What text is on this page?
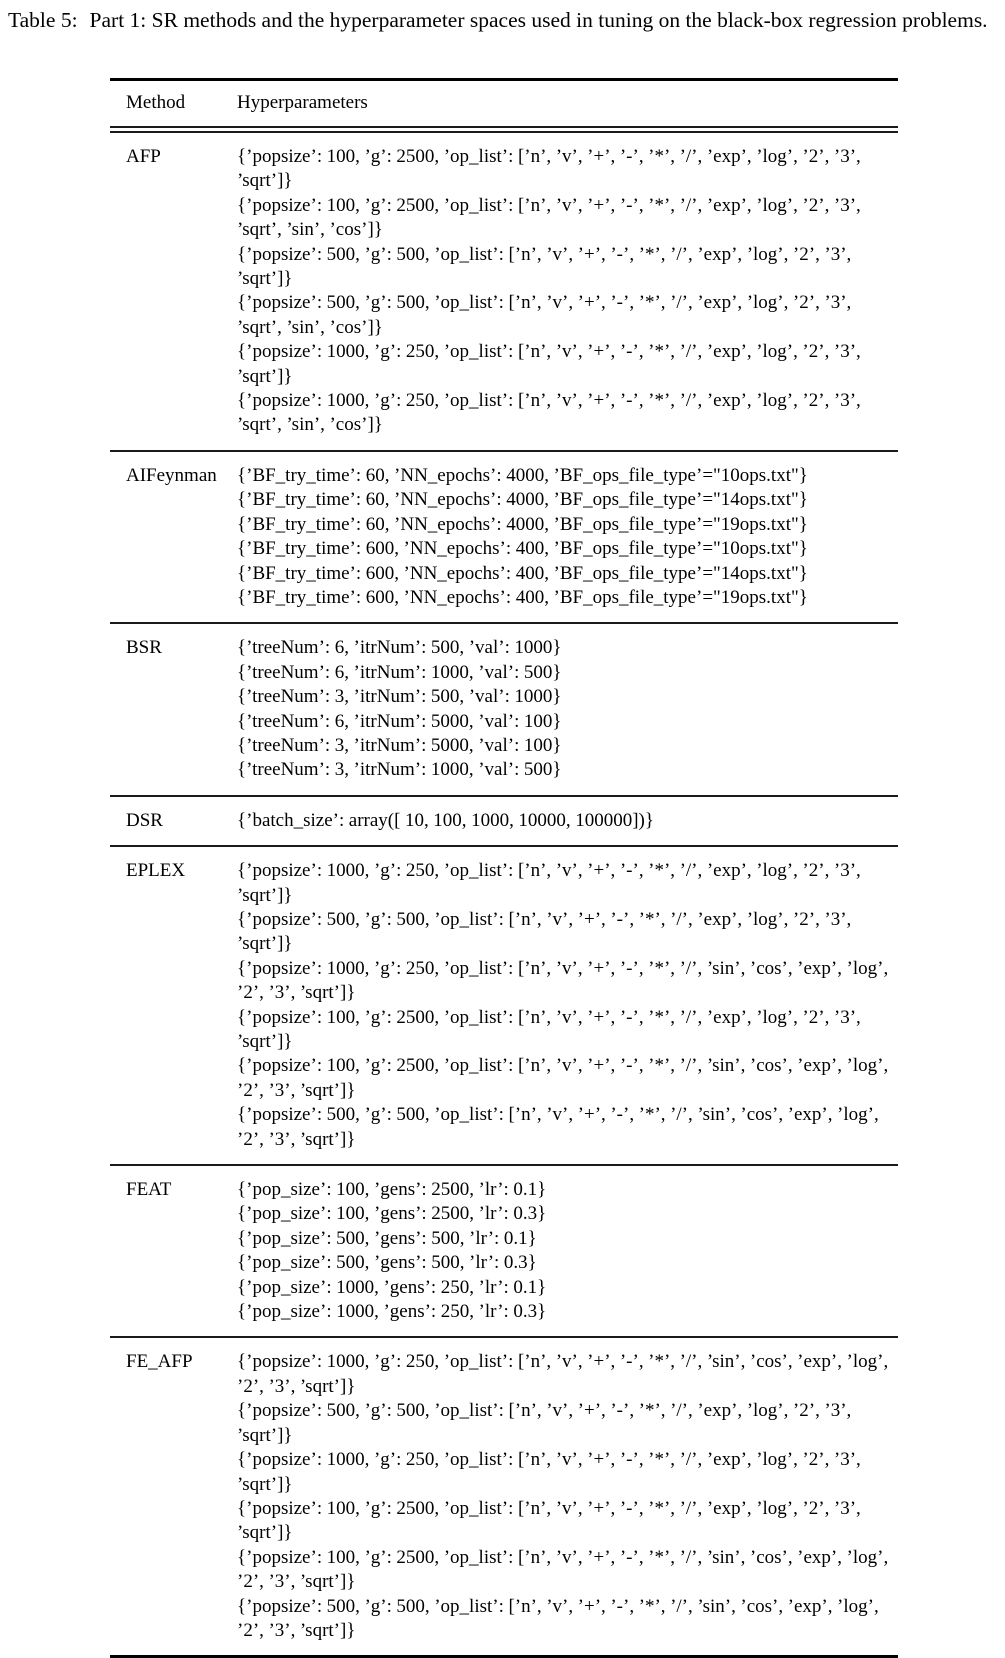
Table 5: Part 1: SR methods and the hyperparameter spaces used in tuning on the black-box regression problems.

Method	Hyperparameters

AFP	{’popsize’: 100, ’g’: 2500, ’op_list’: [’n’, ’v’, ’+’, ’-’, ’*’, ’/’, ’exp’, ’log’, ’2’, ’3’, ’sqrt’]}
{’popsize’: 100, ’g’: 2500, ’op_list’: [’n’, ’v’, ’+’, ’-’, ’*’, ’/’, ’exp’, ’log’, ’2’, ’3’, ’sqrt’, ’sin’, ’cos’]}
{’popsize’: 500, ’g’: 500, ’op_list’: [’n’, ’v’, ’+’, ’-’, ’*’, ’/’, ’exp’, ’log’, ’2’, ’3’, ’sqrt’]}
{’popsize’: 500, ’g’: 500, ’op_list’: [’n’, ’v’, ’+’, ’-’, ’*’, ’/’, ’exp’, ’log’, ’2’, ’3’, ’sqrt’, ’sin’, ’cos’]}
{’popsize’: 1000, ’g’: 250, ’op_list’: [’n’, ’v’, ’+’, ’-’, ’*’, ’/’, ’exp’, ’log’, ’2’, ’3’, ’sqrt’]}
{’popsize’: 1000, ’g’: 250, ’op_list’: [’n’, ’v’, ’+’, ’-’, ’*’, ’/’, ’exp’, ’log’, ’2’, ’3’, ’sqrt’, ’sin’, ’cos’]}

AIFeynman	{’BF_try_time’: 60, ’NN_epochs’: 4000, ’BF_ops_file_type’="10ops.txt"}
{’BF_try_time’: 60, ’NN_epochs’: 4000, ’BF_ops_file_type’="14ops.txt"}
{’BF_try_time’: 60, ’NN_epochs’: 4000, ’BF_ops_file_type’="19ops.txt"}
{’BF_try_time’: 600, ’NN_epochs’: 400, ’BF_ops_file_type’="10ops.txt"}
{’BF_try_time’: 600, ’NN_epochs’: 400, ’BF_ops_file_type’="14ops.txt"}
{’BF_try_time’: 600, ’NN_epochs’: 400, ’BF_ops_file_type’="19ops.txt"}

BSR	{’treeNum’: 6, ’itrNum’: 500, ’val’: 1000}
{’treeNum’: 6, ’itrNum’: 1000, ’val’: 500}
{’treeNum’: 3, ’itrNum’: 500, ’val’: 1000}
{’treeNum’: 6, ’itrNum’: 5000, ’val’: 100}
{’treeNum’: 3, ’itrNum’: 5000, ’val’: 100}
{’treeNum’: 3, ’itrNum’: 1000, ’val’: 500}

DSR	{’batch_size’: array([ 10, 100, 1000, 10000, 100000])}

EPLEX	{’popsize’: 1000, ’g’: 250, ’op_list’: [’n’, ’v’, ’+’, ’-’, ’*’, ’/’, ’exp’, ’log’, ’2’, ’3’, ’sqrt’]}
{’popsize’: 500, ’g’: 500, ’op_list’: [’n’, ’v’, ’+’, ’-’, ’*’, ’/’, ’exp’, ’log’, ’2’, ’3’, ’sqrt’]}
{’popsize’: 1000, ’g’: 250, ’op_list’: [’n’, ’v’, ’+’, ’-’, ’*’, ’/’, ’sin’, ’cos’, ’exp’, ’log’, ’2’, ’3’, ’sqrt’]}
{’popsize’: 100, ’g’: 2500, ’op_list’: [’n’, ’v’, ’+’, ’-’, ’*’, ’/’, ’exp’, ’log’, ’2’, ’3’, ’sqrt’]}
{’popsize’: 100, ’g’: 2500, ’op_list’: [’n’, ’v’, ’+’, ’-’, ’*’, ’/’, ’sin’, ’cos’, ’exp’, ’log’, ’2’, ’3’, ’sqrt’]}
{’popsize’: 500, ’g’: 500, ’op_list’: [’n’, ’v’, ’+’, ’-’, ’*’, ’/’, ’sin’, ’cos’, ’exp’, ’log’, ’2’, ’3’, ’sqrt’]}

FEAT	{’pop_size’: 100, ’gens’: 2500, ’lr’: 0.1}
{’pop_size’: 100, ’gens’: 2500, ’lr’: 0.3}
{’pop_size’: 500, ’gens’: 500, ’lr’: 0.1}
{’pop_size’: 500, ’gens’: 500, ’lr’: 0.3}
{’pop_size’: 1000, ’gens’: 250, ’lr’: 0.1}
{’pop_size’: 1000, ’gens’: 250, ’lr’: 0.3}

FE_AFP	{’popsize’: 1000, ’g’: 250, ’op_list’: [’n’, ’v’, ’+’, ’-’, ’*’, ’/’, ’sin’, ’cos’, ’exp’, ’log’, ’2’, ’3’, ’sqrt’]}
{’popsize’: 500, ’g’: 500, ’op_list’: [’n’, ’v’, ’+’, ’-’, ’*’, ’/’, ’exp’, ’log’, ’2’, ’3’, ’sqrt’]}
{’popsize’: 1000, ’g’: 250, ’op_list’: [’n’, ’v’, ’+’, ’-’, ’*’, ’/’, ’exp’, ’log’, ’2’, ’3’, ’sqrt’]}
{’popsize’: 100, ’g’: 2500, ’op_list’: [’n’, ’v’, ’+’, ’-’, ’*’, ’/’, ’exp’, ’log’, ’2’, ’3’, ’sqrt’]}
{’popsize’: 100, ’g’: 2500, ’op_list’: [’n’, ’v’, ’+’, ’-’, ’*’, ’/’, ’sin’, ’cos’, ’exp’, ’log’, ’2’, ’3’, ’sqrt’]}
{’popsize’: 500, ’g’: 500, ’op_list’: [’n’, ’v’, ’+’, ’-’, ’*’, ’/’, ’sin’, ’cos’, ’exp’, ’log’, ’2’, ’3’, ’sqrt’]}
